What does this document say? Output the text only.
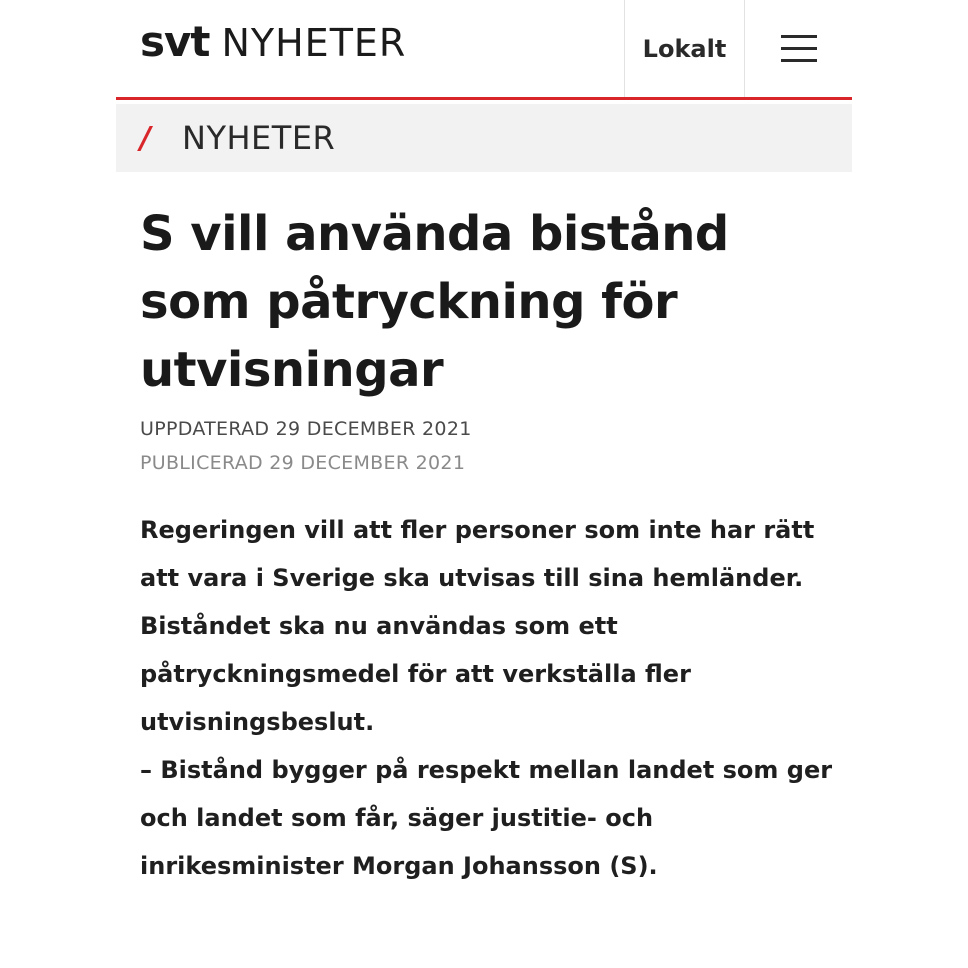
svt NYHETER	Lokalt
/ NYHETER
S vill använda bistånd som påtryckning för utvisningar
UPPDATERAD 29 DECEMBER 2021
PUBLICERAD 29 DECEMBER 2021

Regeringen vill att fler personer som inte har rätt att vara i Sverige ska utvisas till sina hemländer.

Biståndet ska nu användas som ett påtryckningsmedel för att verkställa fler utvisningsbeslut.

– Bistånd bygger på respekt mellan landet som ger och landet som får, säger justitie- och inrikesminister Morgan Johansson (S).
